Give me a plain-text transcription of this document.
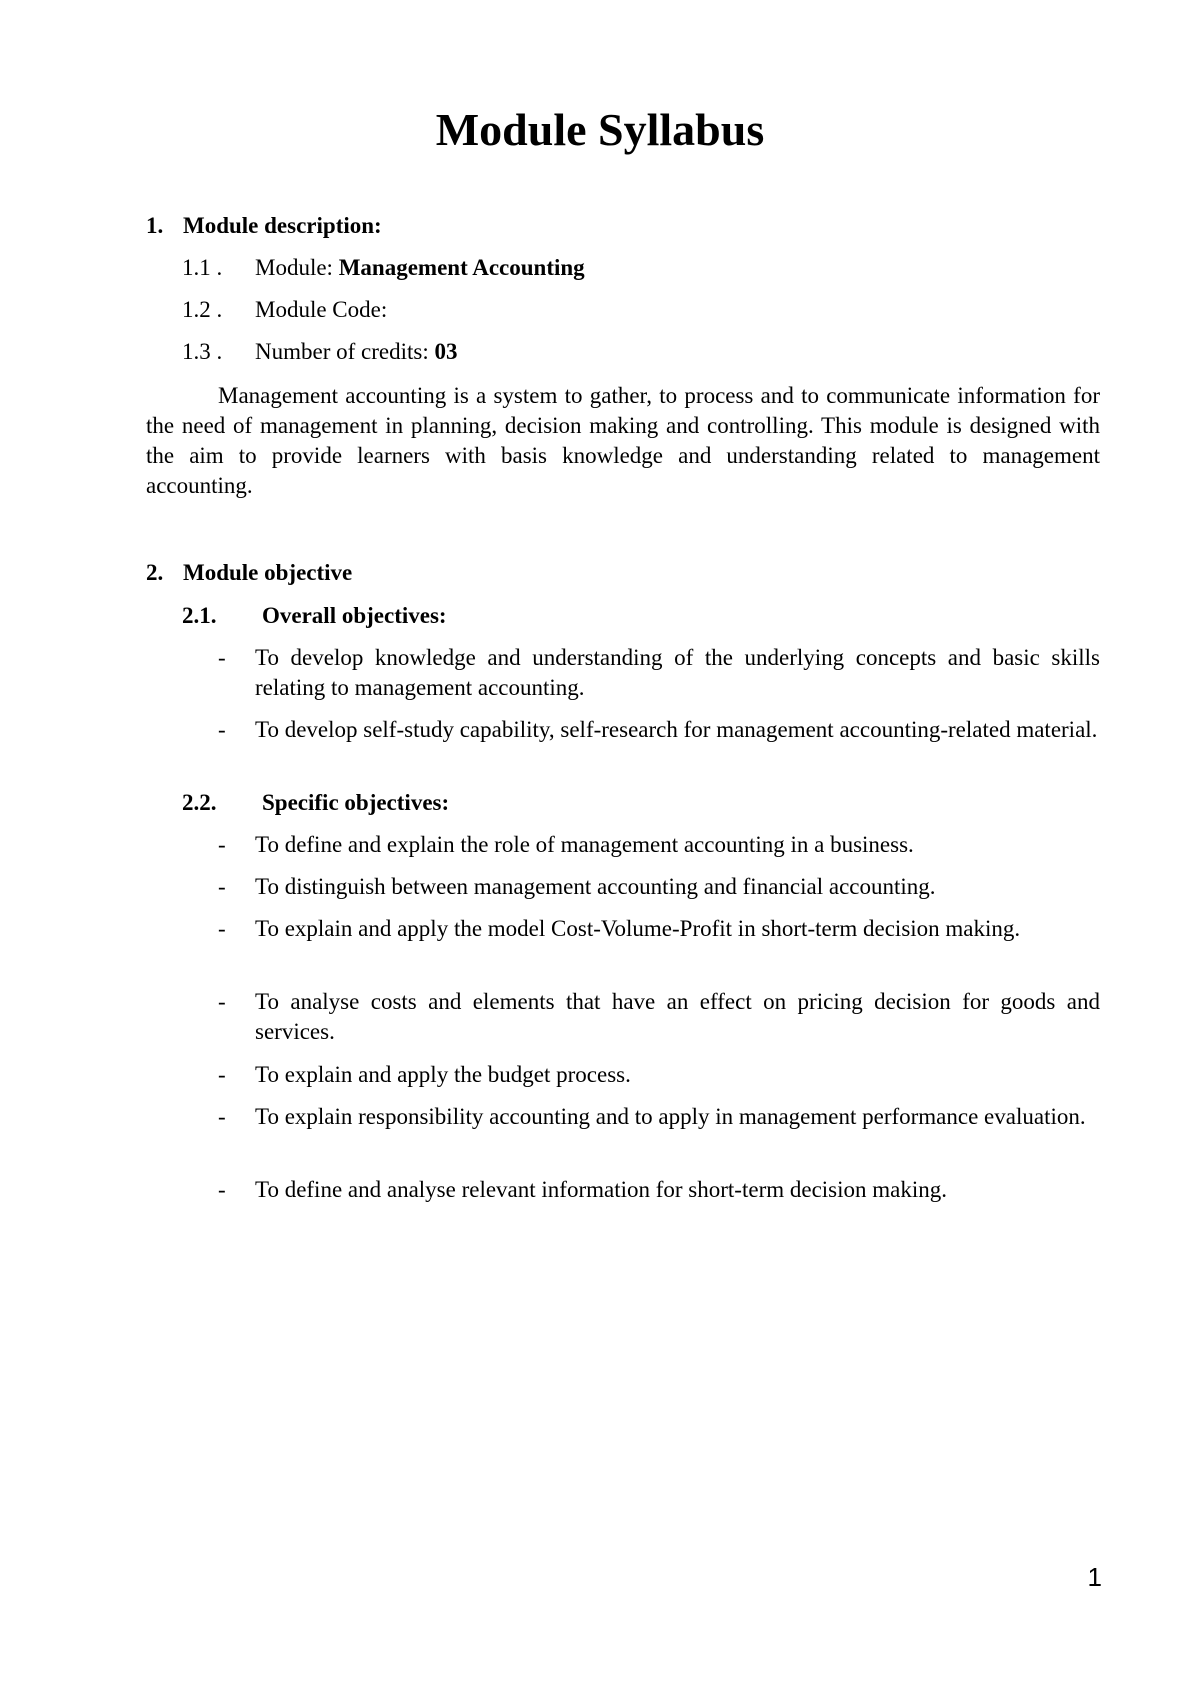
Module Syllabus
1. Module description:
1.1 . Module: Management Accounting
1.2 . Module Code:
1.3 . Number of credits: 03
Management accounting is a system to gather, to process and to communicate information for the need of management in planning, decision making and controlling. This module is designed with the aim to provide learners with basis knowledge and understanding related to management accounting.
2. Module objective
2.1. Overall objectives:
- To develop knowledge and understanding of the underlying concepts and basic skills relating to management accounting.
- To develop self-study capability, self-research for management accounting-related material.
2.2. Specific objectives:
- To define and explain the role of management accounting in a business.
- To distinguish between management accounting and financial accounting.
- To explain and apply the model Cost-Volume-Profit in short-term decision making.
- To analyse costs and elements that have an effect on pricing decision for goods and services.
- To explain and apply the budget process.
- To explain responsibility accounting and to apply in management performance evaluation.
- To define and analyse relevant information for short-term decision making.
1
